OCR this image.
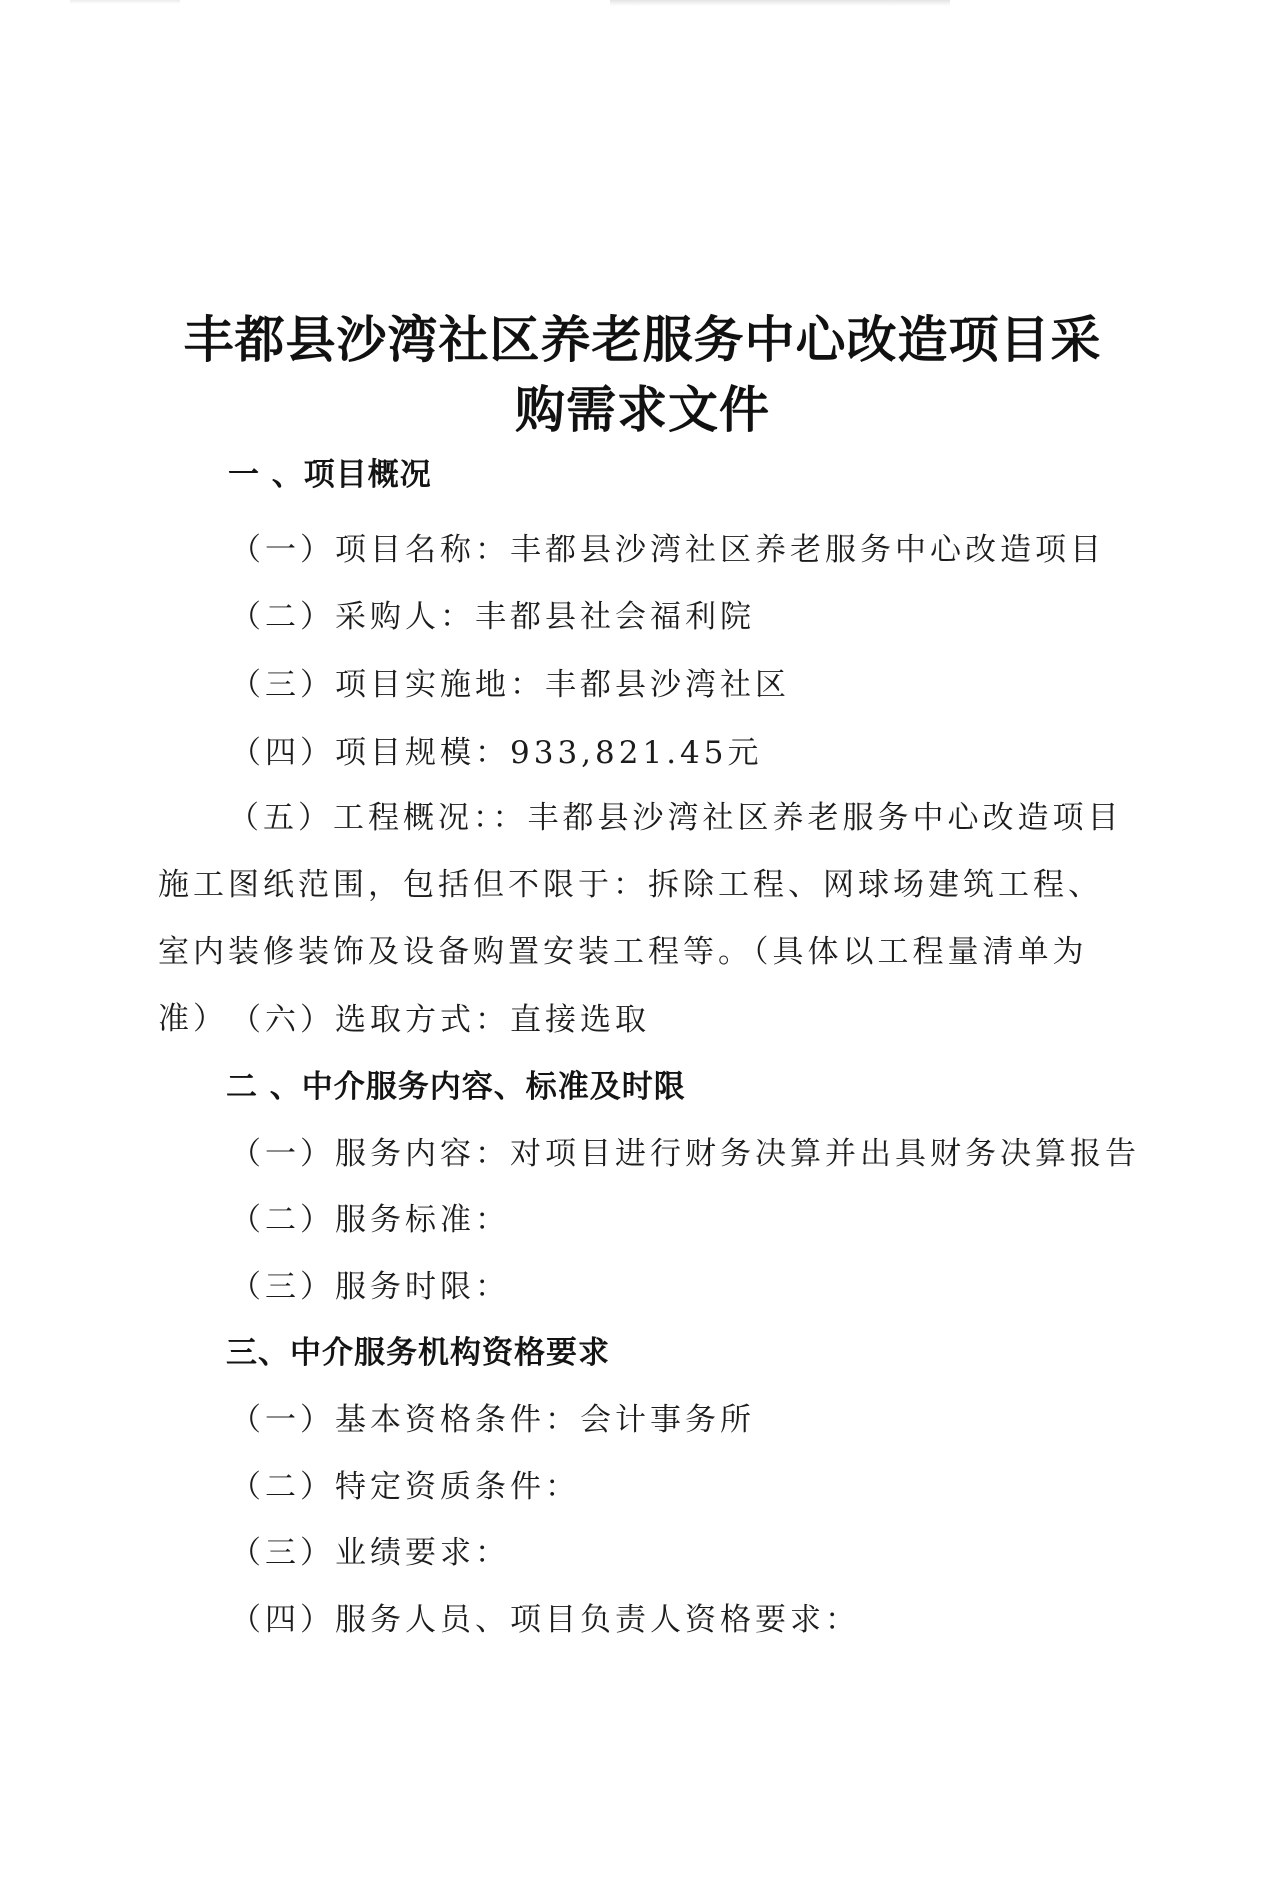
丰都县沙湾社区养老服务中心改造项目采购需求文件
一 、项目概况
（一）项目名称：丰都县沙湾社区养老服务中心改造项目
（二）采购人：丰都县社会福利院
（三）项目实施地：丰都县沙湾社区
（四）项目规模：933,821.45元
（五）工程概况：：丰都县沙湾社区养老服务中心改造项目施工图纸范围，包括但不限于：拆除工程、网球场建筑工程、室内装修装饰及设备购置安装工程等。（具体以工程量清单为准） （六）选取方式：直接选取
二 、中介服务内容、标准及时限
（一）服务内容：对项目进行财务决算并出具财务决算报告
（二）服务标准：
（三）服务时限：
三、中介服务机构资格要求
（一）基本资格条件：会计事务所
（二）特定资质条件：
（三）业绩要求：
（四）服务人员、项目负责人资格要求：
